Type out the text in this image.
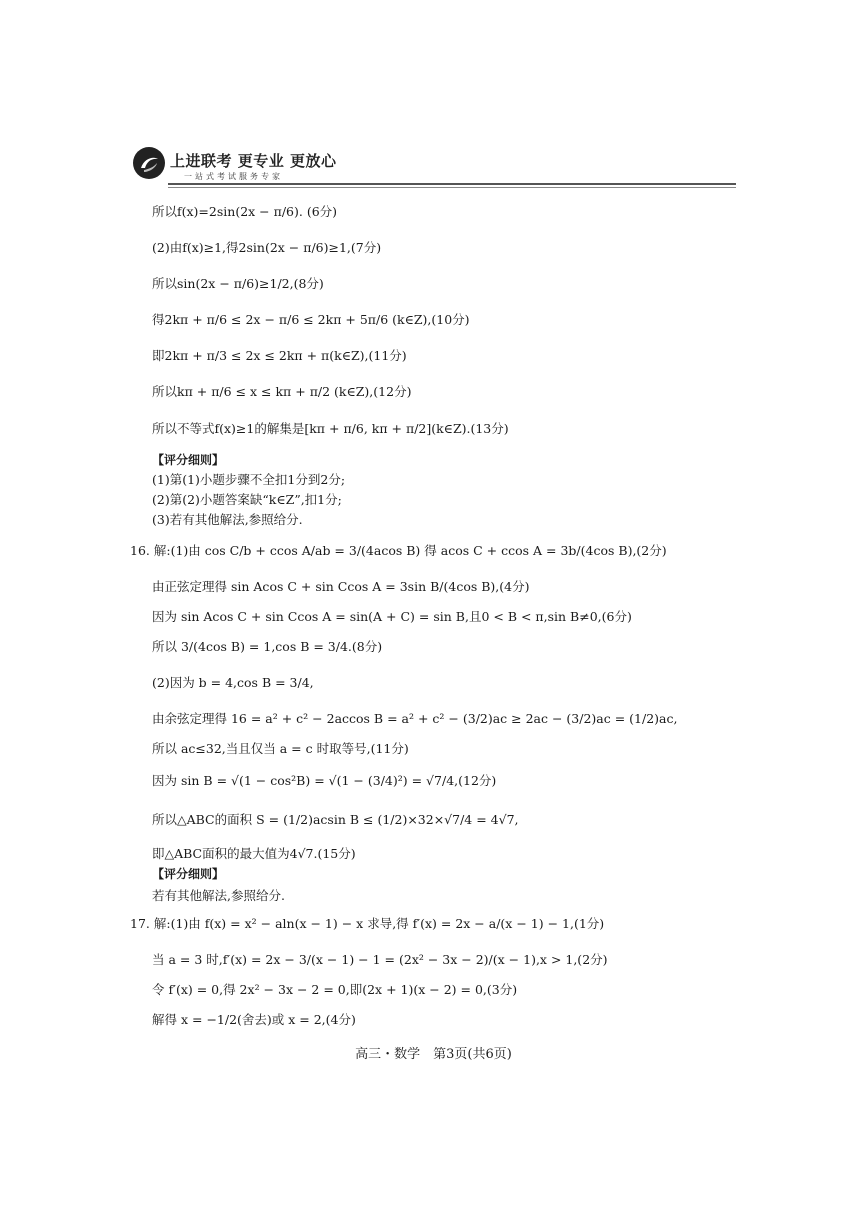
上进联考 更专业 更放心
一站式考试服务专家
所以f(x)=2sin(2x − π/6). (6分)
(2)由f(x)≥1,得2sin(2x − π/6)≥1,(7分)
所以sin(2x − π/6)≥1/2,(8分)
得2kπ + π/6 ≤ 2x − π/6 ≤ 2kπ + 5π/6 (k∈Z),(10分)
即2kπ + π/3 ≤ 2x ≤ 2kπ + π(k∈Z),(11分)
所以kπ + π/6 ≤ x ≤ kπ + π/2 (k∈Z),(12分)
所以不等式f(x)≥1的解集是[kπ + π/6, kπ + π/2](k∈Z).(13分)
【评分细则】
(1)第(1)小题步骤不全扣1分到2分;
(2)第(2)小题答案缺“k∈Z”,扣1分;
(3)若有其他解法,参照给分.
16. 解:(1)由 cos C/b + ccos A/ab = 3/(4acos B) 得 acos C + ccos A = 3b/(4cos B),(2分)
由正弦定理得 sin Acos C + sin Ccos A = 3sin B/(4cos B),(4分)
因为 sin Acos C + sin Ccos A = sin(A + C) = sin B,且0 < B < π,sin B≠0,(6分)
所以 3/(4cos B) = 1,cos B = 3/4.(8分)
(2)因为 b = 4,cos B = 3/4,
由余弦定理得 16 = a² + c² − 2accos B = a² + c² − (3/2)ac ≥ 2ac − (3/2)ac = (1/2)ac,
所以 ac≤32,当且仅当 a = c 时取等号,(11分)
因为 sin B = √(1 − cos²B) = √(1 − (3/4)²) = √7/4,(12分)
所以△ABC的面积 S = (1/2)acsin B ≤ (1/2)×32×√7/4 = 4√7,
即△ABC面积的最大值为4√7.(15分)
【评分细则】
若有其他解法,参照给分.
17. 解:(1)由 f(x) = x² − aln(x − 1) − x 求导,得 f′(x) = 2x − a/(x − 1) − 1,(1分)
当 a = 3 时,f′(x) = 2x − 3/(x − 1) − 1 = (2x² − 3x − 2)/(x − 1),x > 1,(2分)
令 f′(x) = 0,得 2x² − 3x − 2 = 0,即(2x + 1)(x − 2) = 0,(3分)
解得 x = −1/2(舍去)或 x = 2,(4分)
高三・数学　第3页(共6页)
